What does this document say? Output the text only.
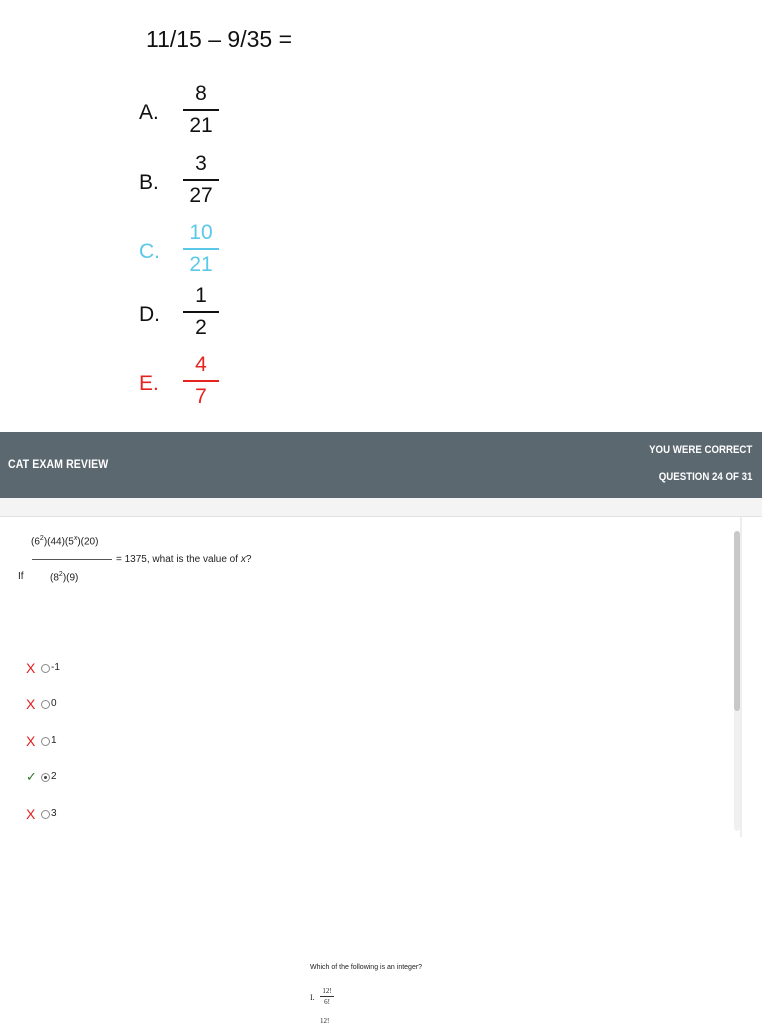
11/15 – 9/35 =
A.
8
21
B.
3
27
C.
10
21
D.
1
2
E.
4
7
CAT EXAM REVIEW
YOU WERE CORRECT
QUESTION 24 OF 31
If
$(6^2)(44)(5^x)(20)$
$(8^2)(9)$
= 1375, what is the value of x?
X -1
X 0
X 1
✓ 2
X 3
Which of the following is an integer?
I.
12!
6!
12!
